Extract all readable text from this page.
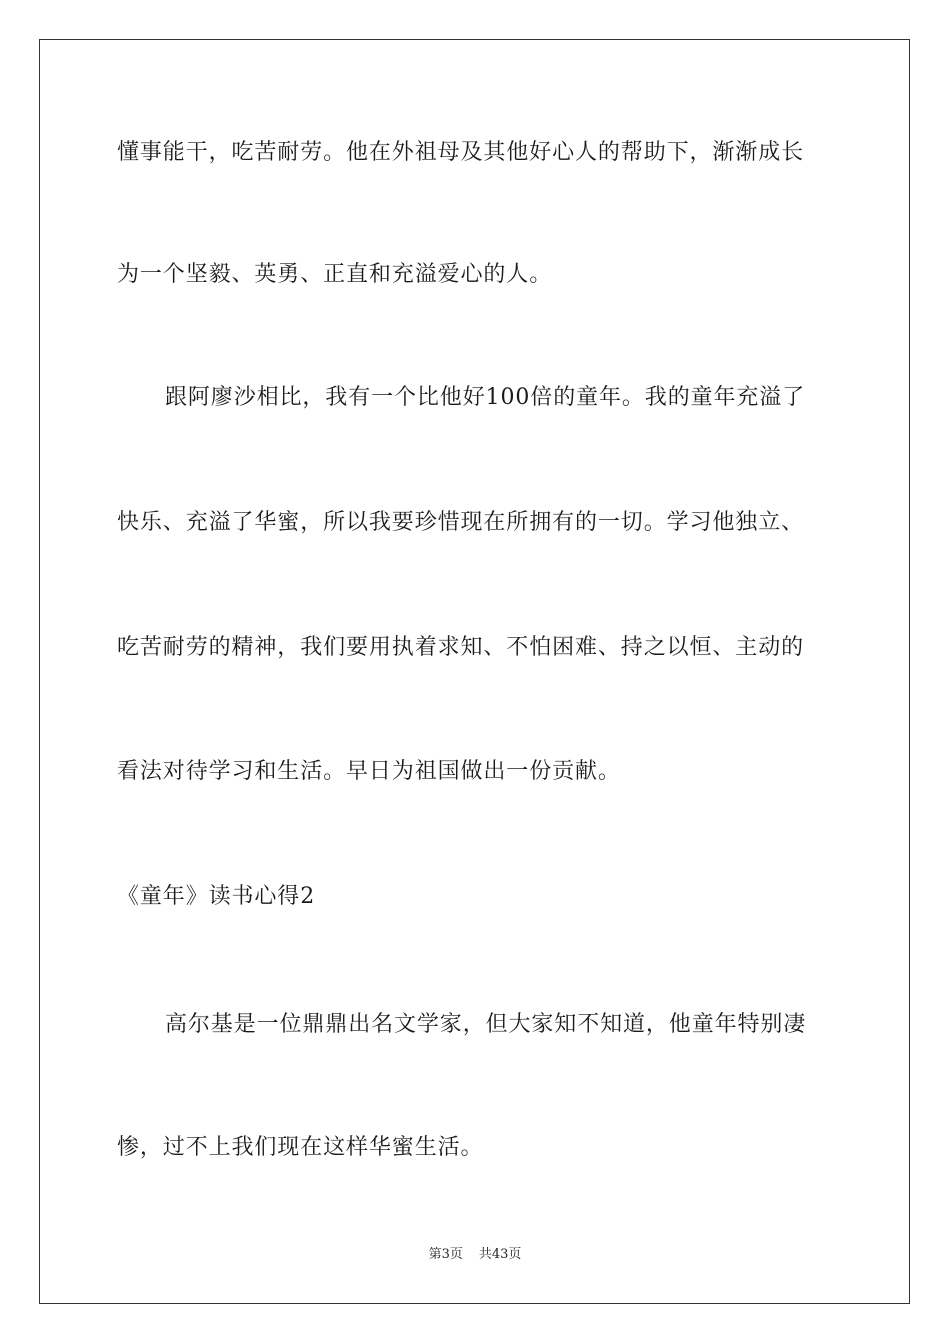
懂事能干，吃苦耐劳。他在外祖母及其他好心人的帮助下，渐渐成长
为一个坚毅、英勇、正直和充溢爱心的人。
跟阿廖沙相比，我有一个比他好100倍的童年。我的童年充溢了
快乐、充溢了华蜜，所以我要珍惜现在所拥有的一切。学习他独立、
吃苦耐劳的精神，我们要用执着求知、不怕困难、持之以恒、主动的
看法对待学习和生活。早日为祖国做出一份贡献。
《童年》读书心得2
高尔基是一位鼎鼎出名文学家，但大家知不知道，他童年特别凄
惨，过不上我们现在这样华蜜生活。
第3页 共43页
